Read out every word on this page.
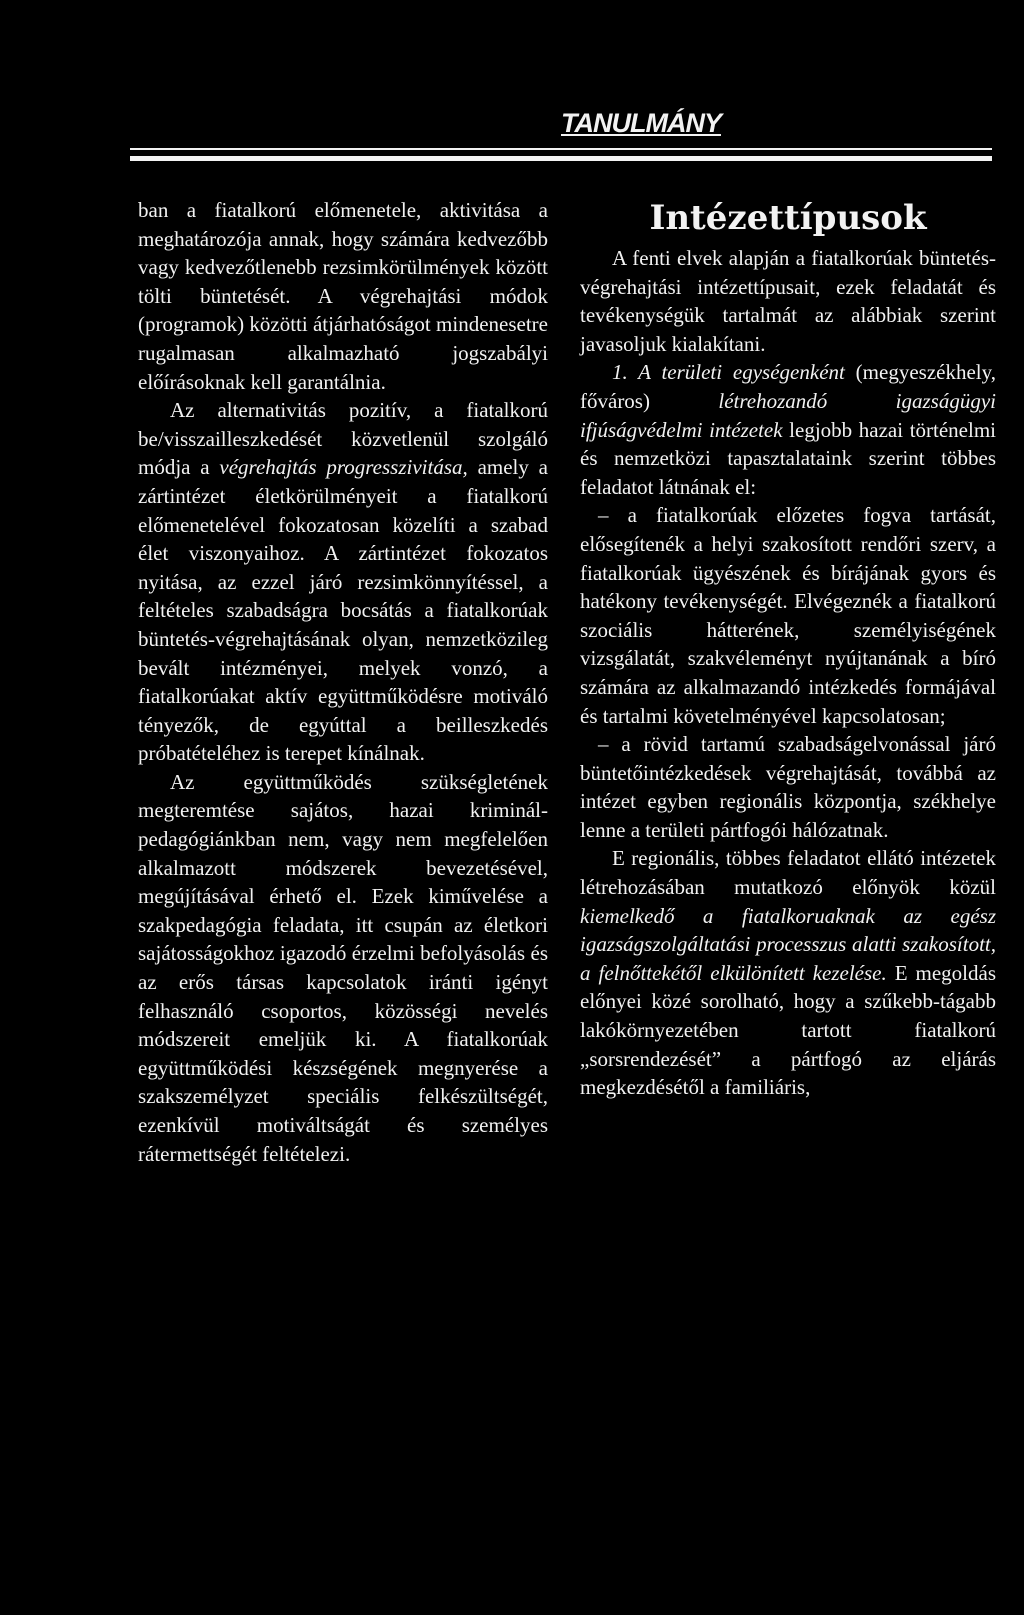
TANULMÁNY

ban a fiatalkorú előmenetele, aktivitása a meghatározója annak, hogy számára kedvezőbb vagy kedvezőtlenebb rezsimkörülmények között tölti büntetését. A végrehajtási módok (programok) közötti átjárhatóságot mindenesetre rugalmasan alkalmazható jogszabályi előírásoknak kell garantálnia.

Az alternativitás pozitív, a fiatalkorú be/visszailleszkedését közvetlenül szolgáló módja a végrehajtás progresszivitása, amely a zártintézet életkörülményeit a fiatalkorú előmenetelével fokozatosan közelíti a szabad élet viszonyaihoz. A zártintézet fokozatos nyitása, az ezzel járó rezsimkönnyítéssel, a feltételes szabadságra bocsátás a fiatalkorúak büntetés-végrehajtásának olyan, nemzetközileg bevált intézményei, melyek vonzó, a fiatalkorúakat aktív együttműködésre motiváló tényezők, de egyúttal a beilleszkedés próbatételéhez is terepet kínálnak.

Az együttműködés szükségletének megteremtése sajátos, hazai kriminálpedagógiánkban nem, vagy nem megfelelően alkalmazott módszerek bevezetésével, megújításával érhető el. Ezek kiművelése a szakpedagógia feladata, itt csupán az életkori sajátosságokhoz igazodó érzelmi befolyásolás és az erős társas kapcsolatok iránti igényt felhasználó csoportos, közösségi nevelés módszereit emeljük ki. A fiatalkorúak együttműködési készségének megnyerése a szakszemélyzet speciális felkészültségét, ezenkívül motiváltságát és személyes rátermettségét feltételezi.

Intézettípusok

A fenti elvek alapján a fiatalkorúak büntetés-végrehajtási intézettípusait, ezek feladatát és tevékenységük tartalmát az alábbiak szerint javasoljuk kialakítani.

1. A területi egységenként (megyeszékhely, főváros) létrehozandó igazságügyi ifjúságvédelmi intézetek legjobb hazai történelmi és nemzetközi tapasztalataink szerint többes feladatot látnának el:

– a fiatalkorúak előzetes fogva tartását, elősegítenék a helyi szakosított rendőri szerv, a fiatalkorúak ügyészének és bírájának gyors és hatékony tevékenységét. Elvégeznék a fiatalkorú szociális hátterének, személyiségének vizsgálatát, szakvéleményt nyújtanának a bíró számára az alkalmazandó intézkedés formájával és tartalmi követelményével kapcsolatosan;

– a rövid tartamú szabadságelvonással járó büntetőintézkedések végrehajtását, továbbá az intézet egyben regionális központja, székhelye lenne a területi pártfogói hálózatnak.

E regionális, többes feladatot ellátó intézetek létrehozásában mutatkozó előnyök közül kiemelkedő a fiatalkoruaknak az egész igazságszolgáltatási processzus alatti szakosított, a felnőttekétől elkülönített kezelése. E megoldás előnyei közé sorolható, hogy a szűkebb-tágabb lakókörnyezetében tartott fiatalkorú „sorsrendezését” a pártfogó az eljárás megkezdésétől a familiáris,
